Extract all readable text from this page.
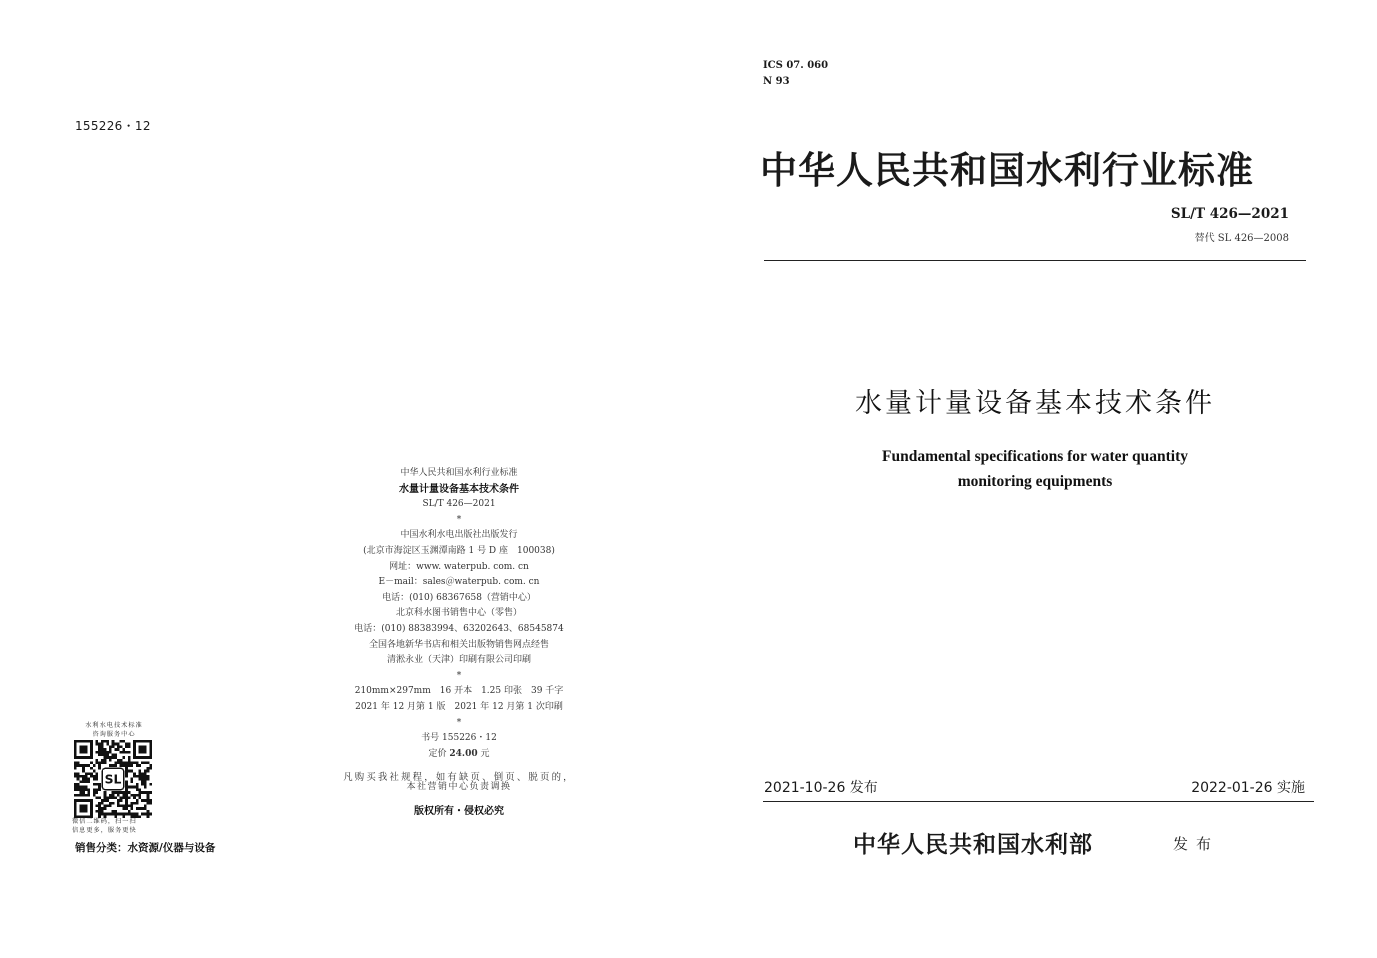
155226・12
中华人民共和国水利行业标准
水量计量设备基本技术条件
SL/T 426—2021
*
中国水利水电出版社出版发行
(北京市海淀区玉渊潭南路 1 号 D 座　100038)
网址：www. waterpub. com. cn
E－mail：sales＠waterpub. com. cn
电话：(010) 68367658（营销中心）
北京科水图书销售中心（零售）
电话：(010) 88383994、63202643、68545874
全国各地新华书店和相关出版物销售网点经售
清淞永业（天津）印刷有限公司印刷
*
210mm×297mm　16 开本　1.25 印张　39 千字
2021 年 12 月第 1 版　2021 年 12 月第 1 次印刷
*
书号 155226・12
定价 24.00 元
凡购买我社规程，如有缺页、倒页、脱页的，
本社营销中心负责调换
版权所有・侵权必究
水利水电技术标准
咨询服务中心
SL
微信二维码，扫一扫
信息更多，服务更快
销售分类：水资源/仪器与设备
ICS 07. 060
N 93
中华人民共和国水利行业标准
SL/T 426—2021
替代 SL 426—2008
水量计量设备基本技术条件
Fundamental specifications for water quantity
monitoring equipments
2021-10-26 发布	2022-01-26 实施
中华人民共和国水利部	发布
